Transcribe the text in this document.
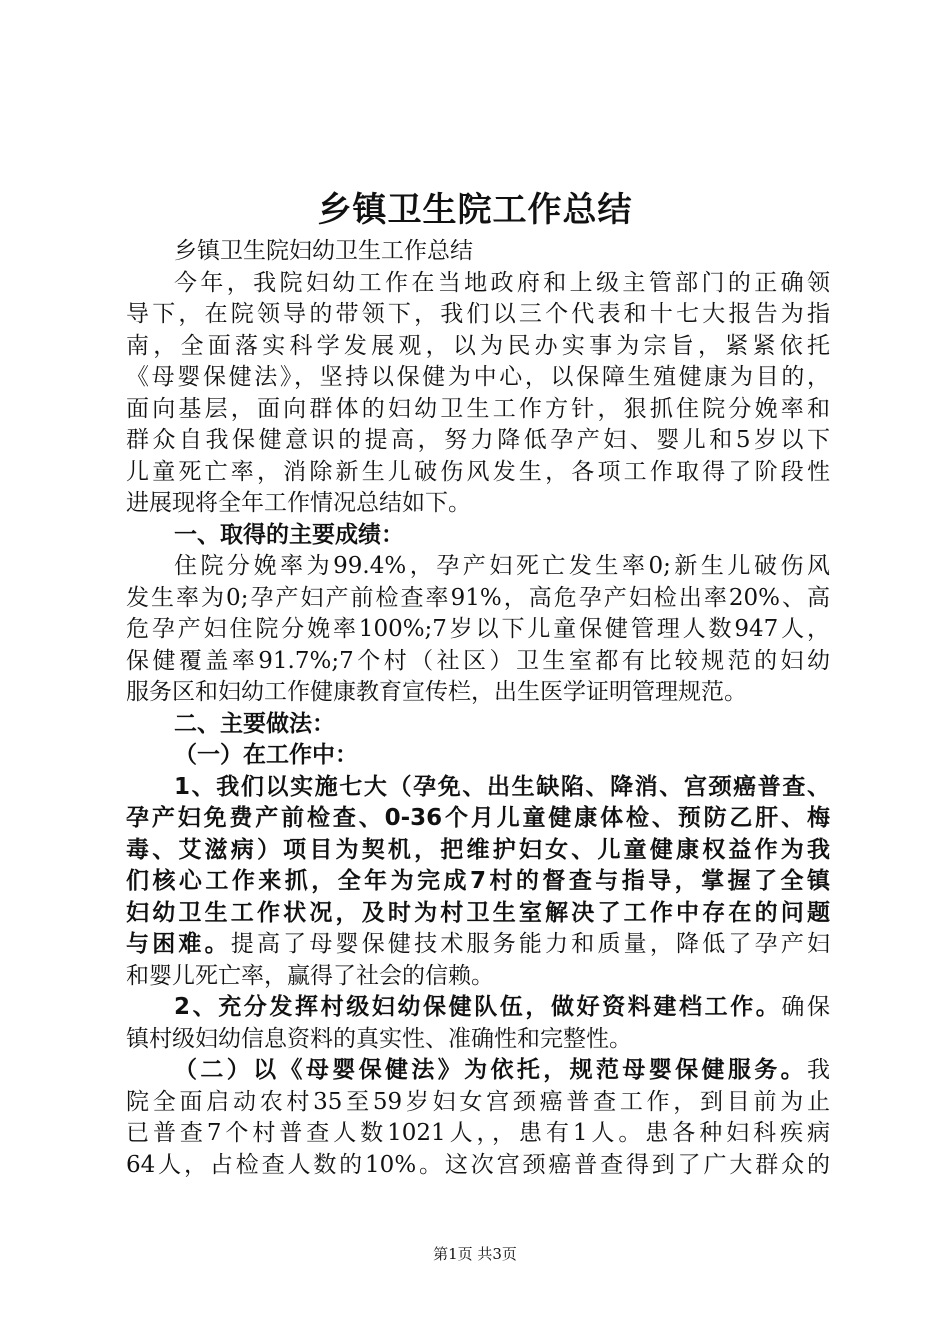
乡镇卫生院工作总结
乡镇卫生院妇幼卫生工作总结
今年，我院妇幼工作在当地政府和上级主管部门的正确领
导下，在院领导的带领下，我们以三个代表和十七大报告为指
南，全面落实科学发展观，以为民办实事为宗旨，紧紧依托
《母婴保健法》，坚持以保健为中心，以保障生殖健康为目的，
面向基层，面向群体的妇幼卫生工作方针，狠抓住院分娩率和
群众自我保健意识的提高，努力降低孕产妇、婴儿和5岁以下
儿童死亡率，消除新生儿破伤风发生，各项工作取得了阶段性
进展现将全年工作情况总结如下。
一、取得的主要成绩：
住院分娩率为99.4%，孕产妇死亡发生率0;新生儿破伤风
发生率为0;孕产妇产前检查率91%，高危孕产妇检出率20%、高
危孕产妇住院分娩率100%;7岁以下儿童保健管理人数947人，
保健覆盖率91.7%;7个村（社区）卫生室都有比较规范的妇幼
服务区和妇幼工作健康教育宣传栏，出生医学证明管理规范。
二、主要做法：
（一）在工作中：
1、我们以实施七大（孕免、出生缺陷、降消、宫颈癌普查、
孕产妇免费产前检查、0-36个月儿童健康体检、预防乙肝、梅
毒、艾滋病）项目为契机，把维护妇女、儿童健康权益作为我
们核心工作来抓，全年为完成7村的督查与指导，掌握了全镇
妇幼卫生工作状况，及时为村卫生室解决了工作中存在的问题
与困难。提高了母婴保健技术服务能力和质量，降低了孕产妇
和婴儿死亡率，赢得了社会的信赖。
2、充分发挥村级妇幼保健队伍，做好资料建档工作。确保
镇村级妇幼信息资料的真实性、准确性和完整性。
（二）以《母婴保健法》为依托，规范母婴保健服务。我
院全面启动农村35至59岁妇女宫颈癌普查工作，到目前为止
已普查7个村普查人数1021人，，患有1人。患各种妇科疾病
64人，占检查人数的10%。这次宫颈癌普查得到了广大群众的
第1页 共3页
